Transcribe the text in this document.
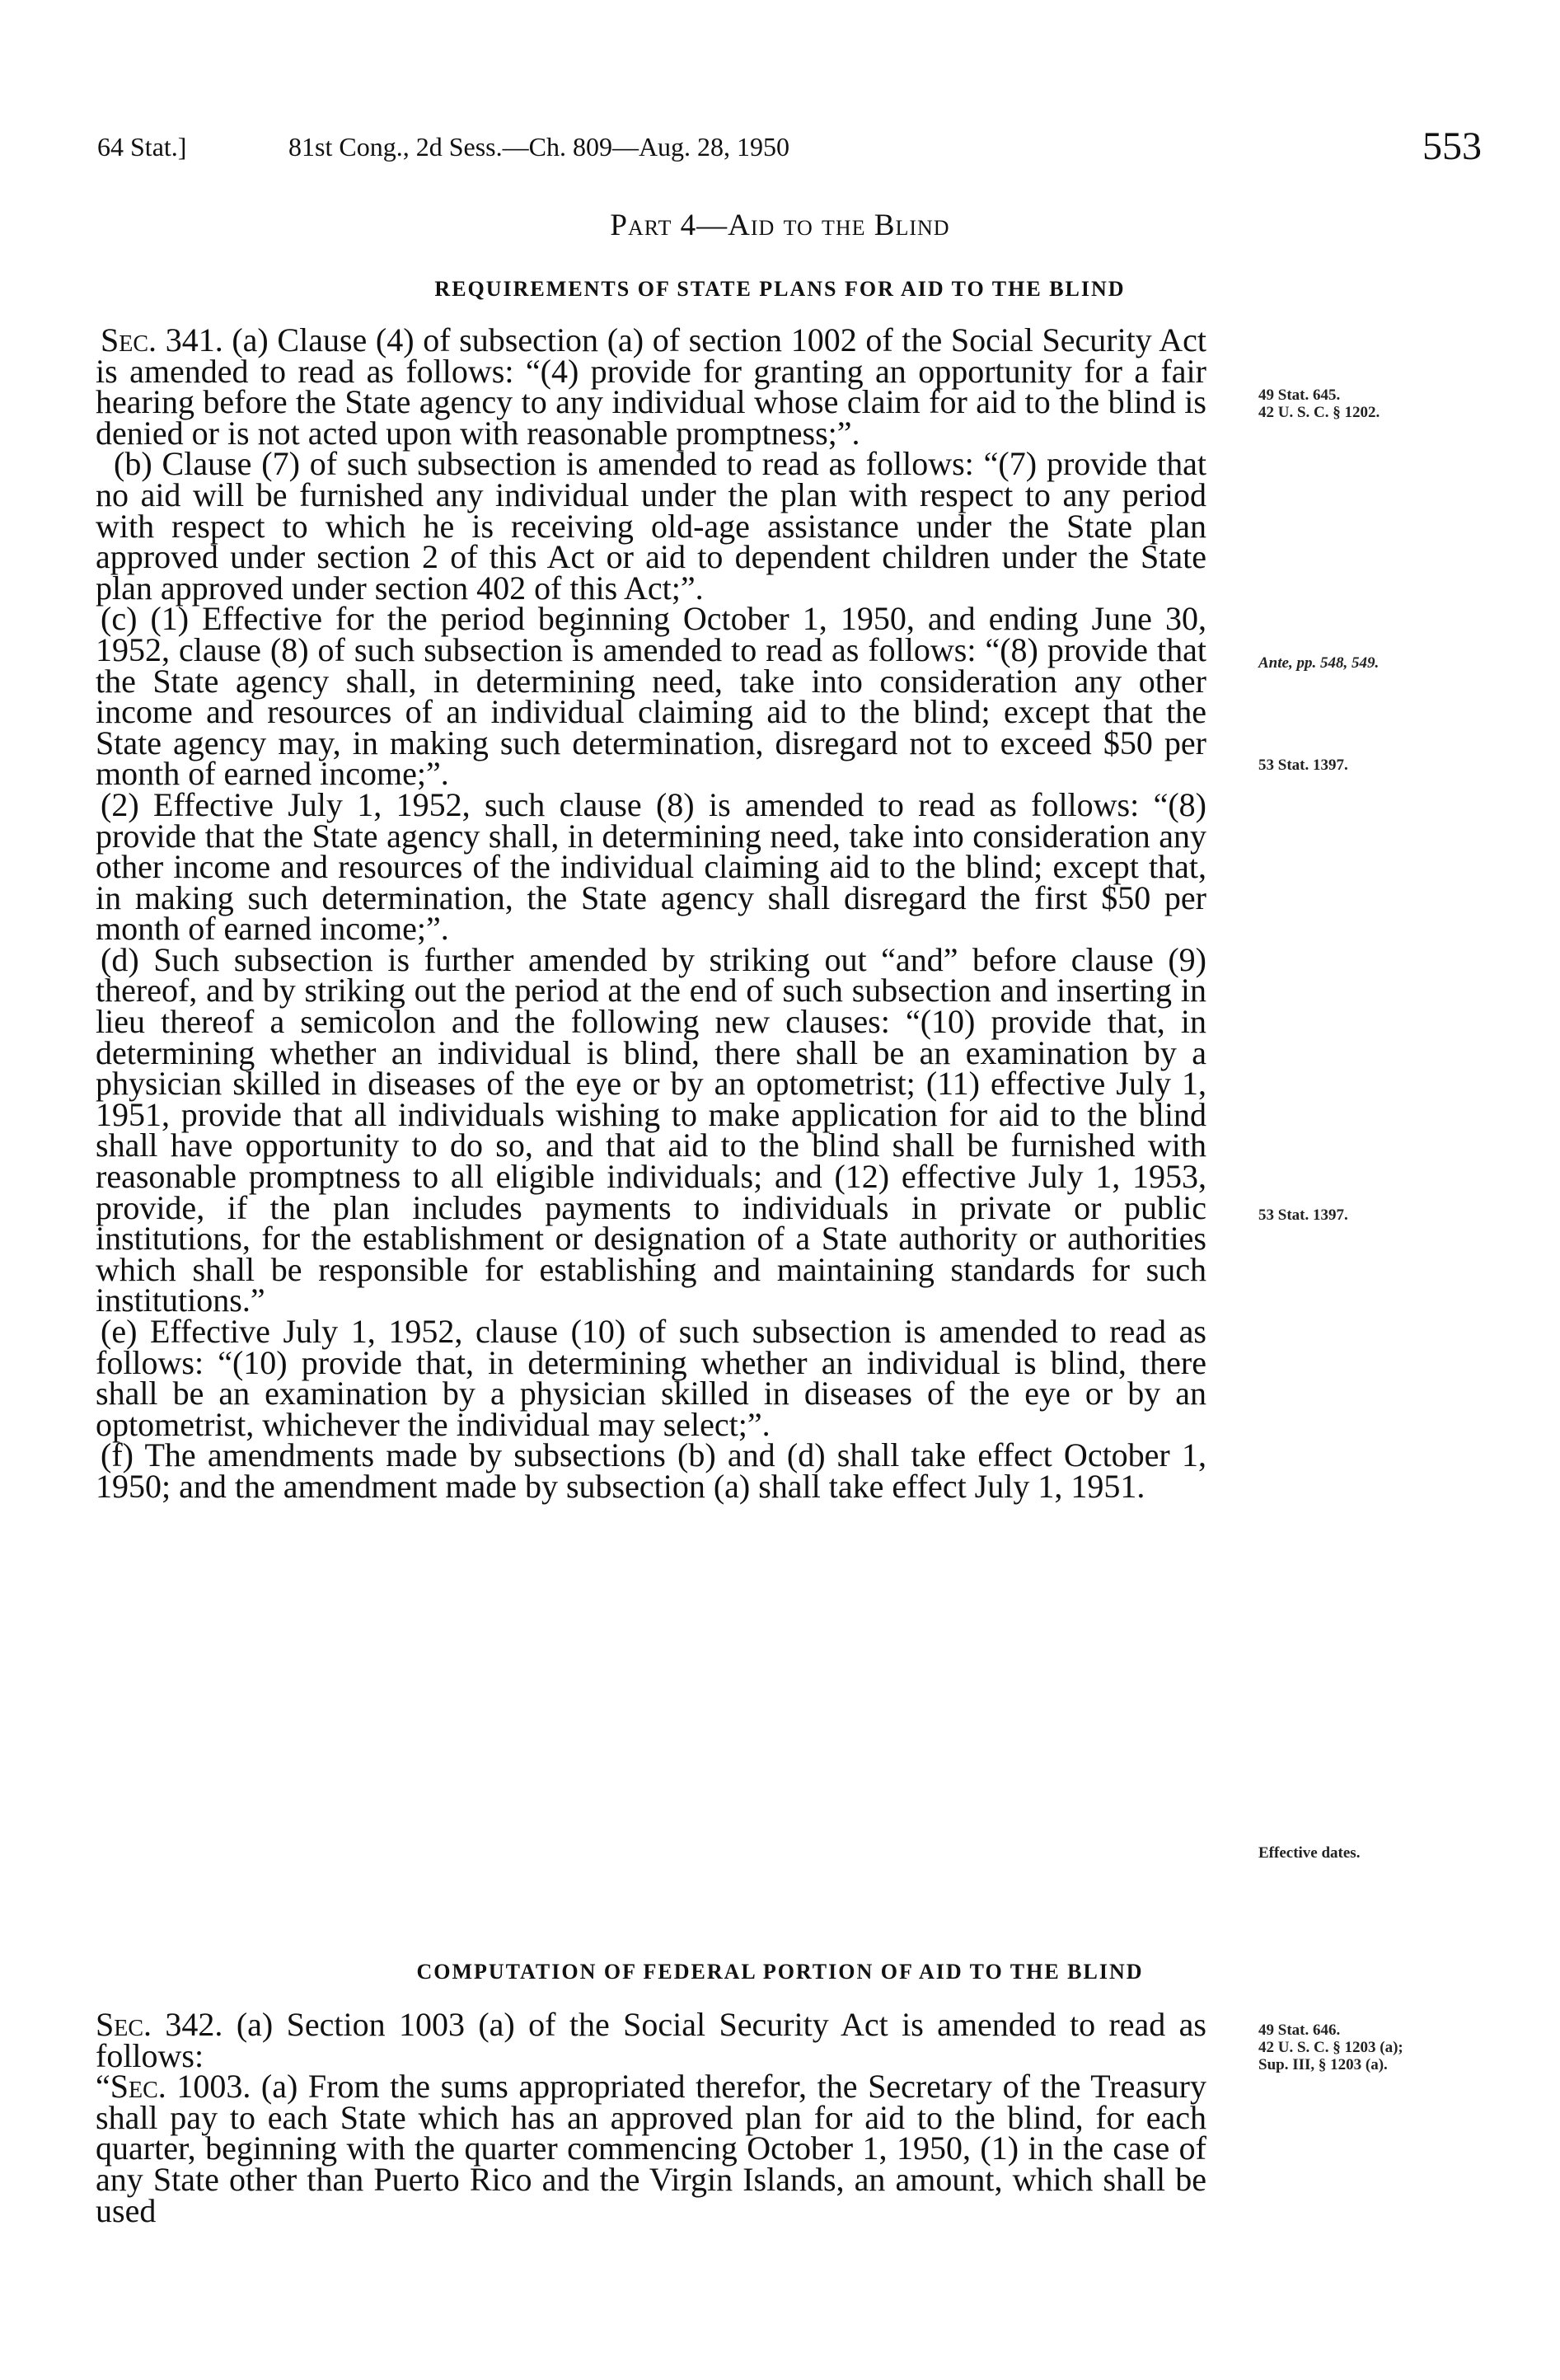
64 Stat.]	81st Cong., 2d Sess.—Ch. 809—Aug. 28, 1950	553
Part 4—Aid to the Blind
REQUIREMENTS OF STATE PLANS FOR AID TO THE BLIND

Sec. 341. (a) Clause (4) of subsection (a) of section 1002 of the Social Security Act is amended to read as follows: “(4) provide for granting an opportunity for a fair hearing before the State agency to any individual whose claim for aid to the blind is denied or is not acted upon with reasonable promptness;”.

(b) Clause (7) of such subsection is amended to read as follows: “(7) provide that no aid will be furnished any individual under the plan with respect to any period with respect to which he is receiving old-age assistance under the State plan approved under section 2 of this Act or aid to dependent children under the State plan approved under section 402 of this Act;”.

(c) (1) Effective for the period beginning October 1, 1950, and ending June 30, 1952, clause (8) of such subsection is amended to read as follows: “(8) provide that the State agency shall, in determining need, take into consideration any other income and resources of an individual claiming aid to the blind; except that the State agency may, in making such determination, disregard not to exceed $50 per month of earned income;”.

(2) Effective July 1, 1952, such clause (8) is amended to read as follows: “(8) provide that the State agency shall, in determining need, take into consideration any other income and resources of the individual claiming aid to the blind; except that, in making such determination, the State agency shall disregard the first $50 per month of earned income;”.

(d) Such subsection is further amended by striking out “and” before clause (9) thereof, and by striking out the period at the end of such subsection and inserting in lieu thereof a semicolon and the following new clauses: “(10) provide that, in determining whether an individual is blind, there shall be an examination by a physician skilled in diseases of the eye or by an optometrist; (11) effective July 1, 1951, provide that all individuals wishing to make application for aid to the blind shall have opportunity to do so, and that aid to the blind shall be furnished with reasonable promptness to all eligible individuals; and (12) effective July 1, 1953, provide, if the plan includes payments to individuals in private or public institutions, for the establishment or designation of a State authority or authorities which shall be responsible for establishing and maintaining standards for such institutions.”

(e) Effective July 1, 1952, clause (10) of such subsection is amended to read as follows: “(10) provide that, in determining whether an individual is blind, there shall be an examination by a physician skilled in diseases of the eye or by an optometrist, whichever the individual may select;”.

(f) The amendments made by subsections (b) and (d) shall take effect October 1, 1950; and the amendment made by subsection (a) shall take effect July 1, 1951.

COMPUTATION OF FEDERAL PORTION OF AID TO THE BLIND

Sec. 342. (a) Section 1003 (a) of the Social Security Act is amended to read as follows:

“Sec. 1003. (a) From the sums appropriated therefor, the Secretary of the Treasury shall pay to each State which has an approved plan for aid to the blind, for each quarter, beginning with the quarter commencing October 1, 1950, (1) in the case of any State other than Puerto Rico and the Virgin Islands, an amount, which shall be used

49 Stat. 645.
42 U. S. C. § 1202.
Ante, pp. 548, 549.
53 Stat. 1397.
53 Stat. 1397.
Effective dates.
49 Stat. 646.
42 U. S. C. § 1203 (a);
Sup. III, § 1203 (a).
